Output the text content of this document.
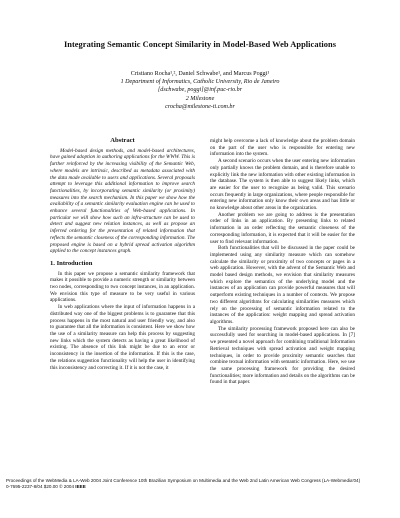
Integrating Semantic Concept Similarity in Model-Based Web Applications
Cristiano Rocha¹,², Daniel Schwabe¹, and Marcus Poggi¹
1 Department of Informatics, Catholic University, Rio de Janeiro
[dschwabe, poggi]@inf.puc-rio.br
2 Milestone
crocha@milestone-ti.com.br
Abstract

Model-based design methods, and model-based architectures, have gained adoption in authoring applications for the WWW. This is further reinforced by the increasing visibility of the Semantic Web, where models are intrinsic, described as metadata associated with the data made available to users and applications. Several proposals attempt to leverage this additional information to improve search functionalities, by incorporating semantic similarity (or proximity) measures into the search mechanism. In this paper we show how the availability of a semantic similarity evaluation engine can be used to enhance several functionalities of Web-based applications. In particular we will show how such an infra-structure can be used to detect and suggest new relation instances, as well as propose an inferred ordering for the presentation of related information that reflects the semantic closeness of the corresponding information. The proposed engine is based on a hybrid spread activation algorithm applied to the concept instances graph.

1. Introduction

In this paper we propose a semantic similarity framework that makes it possible to provide a numeric strength or similarity between two nodes, corresponding to two concept instances, in an application. We envision this type of measure to be very useful in various applications.

In web applications where the input of information happens in a distributed way one of the biggest problems is to guarantee that this process happens in the most natural and user friendly way, and also to guarantee that all the information is consistent. Here we show how the use of a similarity measure can help this process by suggesting new links which the system detects as having a great likelihood of existing. The absence of this link might be due to an error or inconsistency in the insertion of the information. If this is the case, the relations suggestion functionality will help the user in identifying this inconsistency and correcting it. If it is not the case, it

might help overcome a lack of knowledge about the problem domain on the part of the user who is responsible for entering new information into the system.

A second scenario occurs when the user entering new information only partially knows the problem domain, and is therefore unable to explicitly link the new information with other existing information in the database. The system is then able to suggest likely links, which are easier for the user to recognize as being valid. This scenario occurs frequently in large organizations, where people responsible for entering new information only know their own areas and has little or no knowledge about other areas in the organization.

Another problem we are going to address is the presentation order of links in an application. By presenting links to related information in an order reflecting the semantic closeness of the corresponding information, it is expected that it will be easier for the user to find relevant information.

Both functionalities that will be discussed in the paper could be implemented using any similarity measure which can somehow calculate the similarity or proximity of two concepts or pages in a web application. However, with the advent of the Semantic Web and model based design methods, we envision that similarity measures which explore the semantics of the underlying model and the instances of an application can provide powerful measures that will outperform existing techniques in a number of contexts. We propose two different algorithms for calculating similarities measures which rely on the processing of semantic information related to the instances of the application: weight mapping and spread activation algorithms.

The similarity processing framework proposed here can also be successfully used for searching in model-based applications. In [7] we presented a novel approach for combining traditional Information Retrieval techniques with spread activation and weight mapping techniques, in order to provide proximity semantic searches that combine textual information with semantic information. Here, we use the same processing framework for providing the desired functionalities; more information and details on the algorithms can be found in that paper.

Proceedings of the WebMedia & LA-Web 2004 Joint Conference 10th Brazilian Symposium on Multimedia and the Web 2nd Latin American Web Congress (LA-Webmedia'04)
0-7695-2237-8/04 $20.00 © 2004 IEEE
